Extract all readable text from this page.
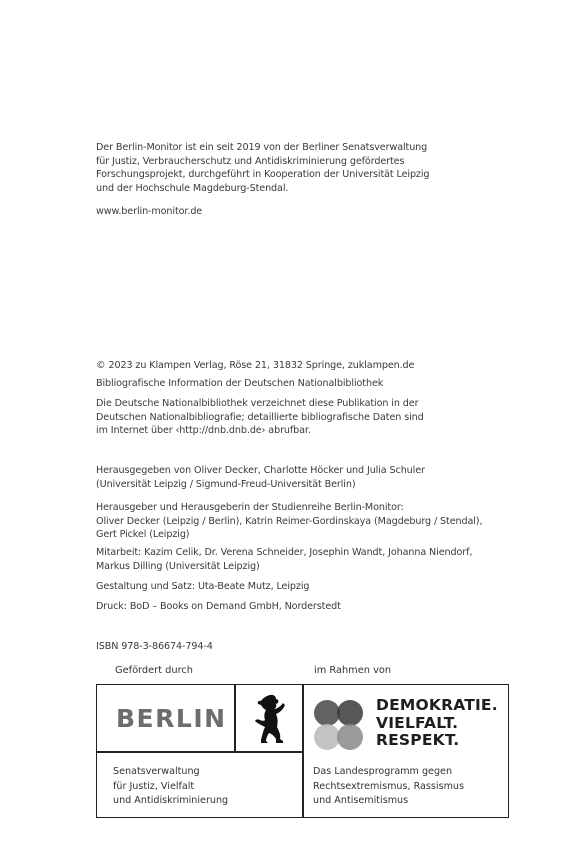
Der Berlin-Monitor ist ein seit 2019 von der Berliner Senatsverwaltung
für Justiz, Verbraucherschutz und Antidiskriminierung gefördertes
Forschungsprojekt, durchgeführt in Kooperation der Universität Leipzig
und der Hochschule Magdeburg-Stendal.
www.berlin-monitor.de
© 2023 zu Klampen Verlag, Röse 21, 31832 Springe, zuklampen.de
Bibliografische Information der Deutschen Nationalbibliothek
Die Deutsche Nationalbibliothek verzeichnet diese Publikation in der
Deutschen Nationalbibliografie; detaillierte bibliografische Daten sind
im Internet über ‹http://dnb.dnb.de› abrufbar.
Herausgegeben von Oliver Decker, Charlotte Höcker und Julia Schuler
(Universität Leipzig / Sigmund-Freud-Universität Berlin)
Herausgeber und Herausgeberin der Studienreihe Berlin-Monitor:
Oliver Decker (Leipzig / Berlin), Katrin Reimer-Gordinskaya (Magdeburg / Stendal),
Gert Pickel (Leipzig)
Mitarbeit: Kazim Celik, Dr. Verena Schneider, Josephin Wandt, Johanna Niendorf,
Markus Dilling (Universität Leipzig)
Gestaltung und Satz: Uta-Beate Mutz, Leipzig
Druck: BoD – Books on Demand GmbH, Norderstedt
ISBN 978-3-86674-794-4
Gefördert durch	im Rahmen von
BERLIN
Senatsverwaltung
für Justiz, Vielfalt
und Antidiskriminierung
DEMOKRATIE.
VIELFALT.
RESPEKT.
Das Landesprogramm gegen
Rechtsextremismus, Rassismus
und Antisemitismus
